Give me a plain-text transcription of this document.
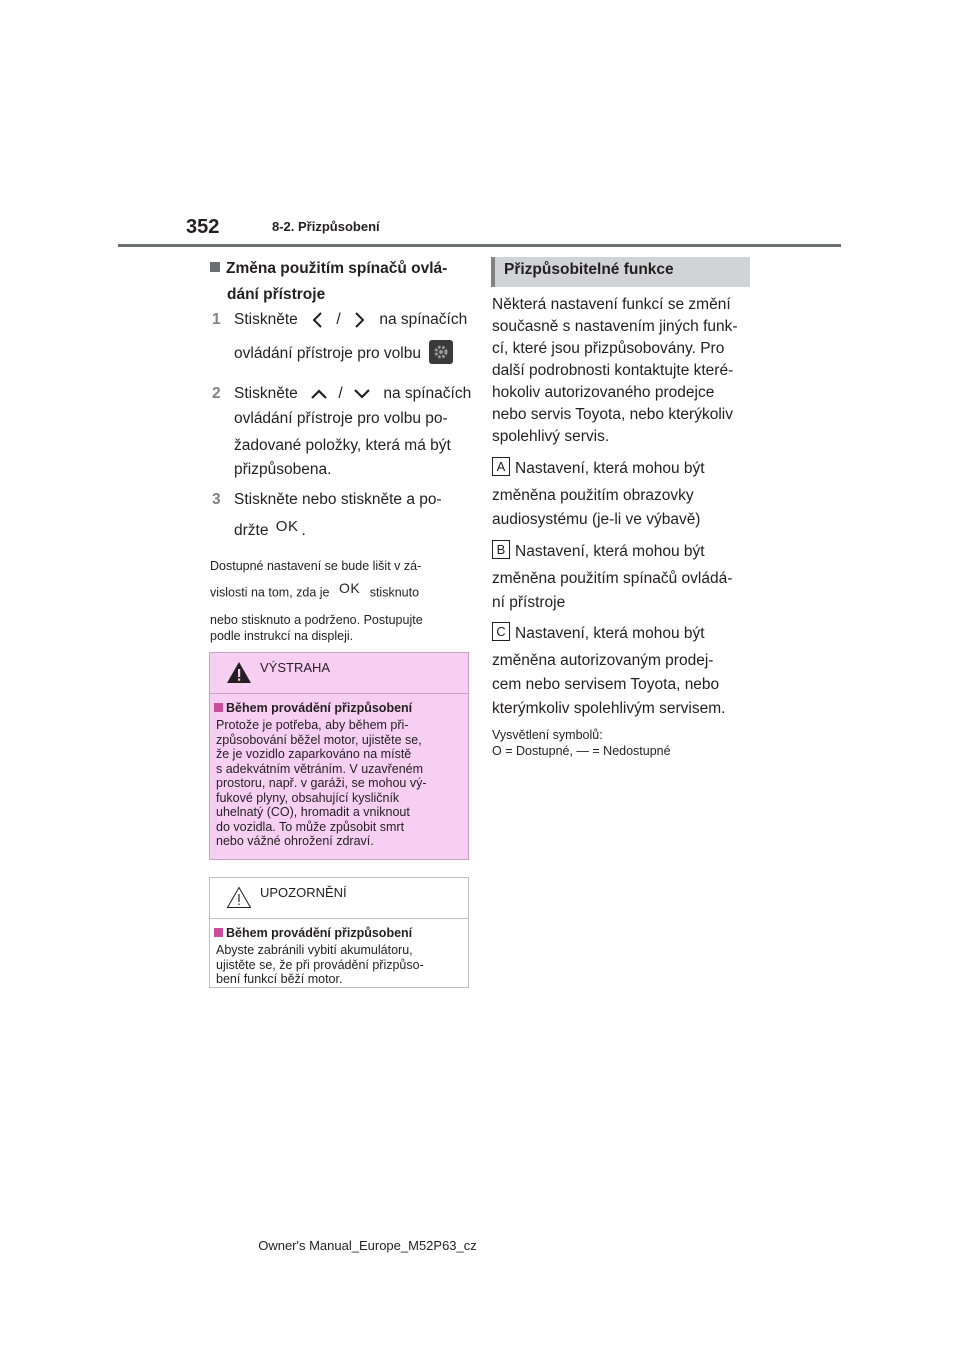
352	8-2. Přizpůsobení
Změna použitím spínačů ovlá-
dání přístroje
1 Stiskněte / na spínačích
ovládání přístroje pro volbu
2 Stiskněte	/	na spínačích
ovládání přístroje pro volbu po-
žadované položky, která má být
přizpůsobena.
3 Stiskněte nebo stiskněte a po-
držte OK .
Dostupné nastavení se bude lišit v zá-
vislosti na tom, zda je OK stisknuto
nebo stisknuto a podrženo. Postupujte
podle instrukcí na displeji.
VÝSTRAHA
Během provádění přizpůsobení
Protože je potřeba, aby během při-
způsobování běžel motor, ujistěte se,
že je vozidlo zaparkováno na místě
s adekvátním větráním. V uzavřeném
prostoru, např. v garáži, se mohou vý-
fukové plyny, obsahující kysličník
uhelnatý (CO), hromadit a vniknout
do vozidla. To může způsobit smrt
nebo vážné ohrožení zdraví.
UPOZORNĚNÍ
Během provádění přizpůsobení
Abyste zabránili vybití akumulátoru,
ujistěte se, že při provádění přizpůso-
bení funkcí běží motor.
Přizpůsobitelné funkce
Některá nastavení funkcí se změní
současně s nastavením jiných funk-
cí, které jsou přizpůsobovány. Pro
další podrobnosti kontaktujte které-
hokoliv autorizovaného prodejce
nebo servis Toyota, nebo kterýkoliv
spolehlivý servis.
A Nastavení, která mohou být
změněna použitím obrazovky
audiosystému (je-li ve výbavě)
B Nastavení, která mohou být
změněna použitím spínačů ovládá-
ní přístroje
C Nastavení, která mohou být
změněna autorizovaným prodej-
cem nebo servisem Toyota, nebo
kterýmkoliv spolehlivým servisem.
Vysvětlení symbolů:
O = Dostupné, — = Nedostupné
Owner's Manual_Europe_M52P63_cz
